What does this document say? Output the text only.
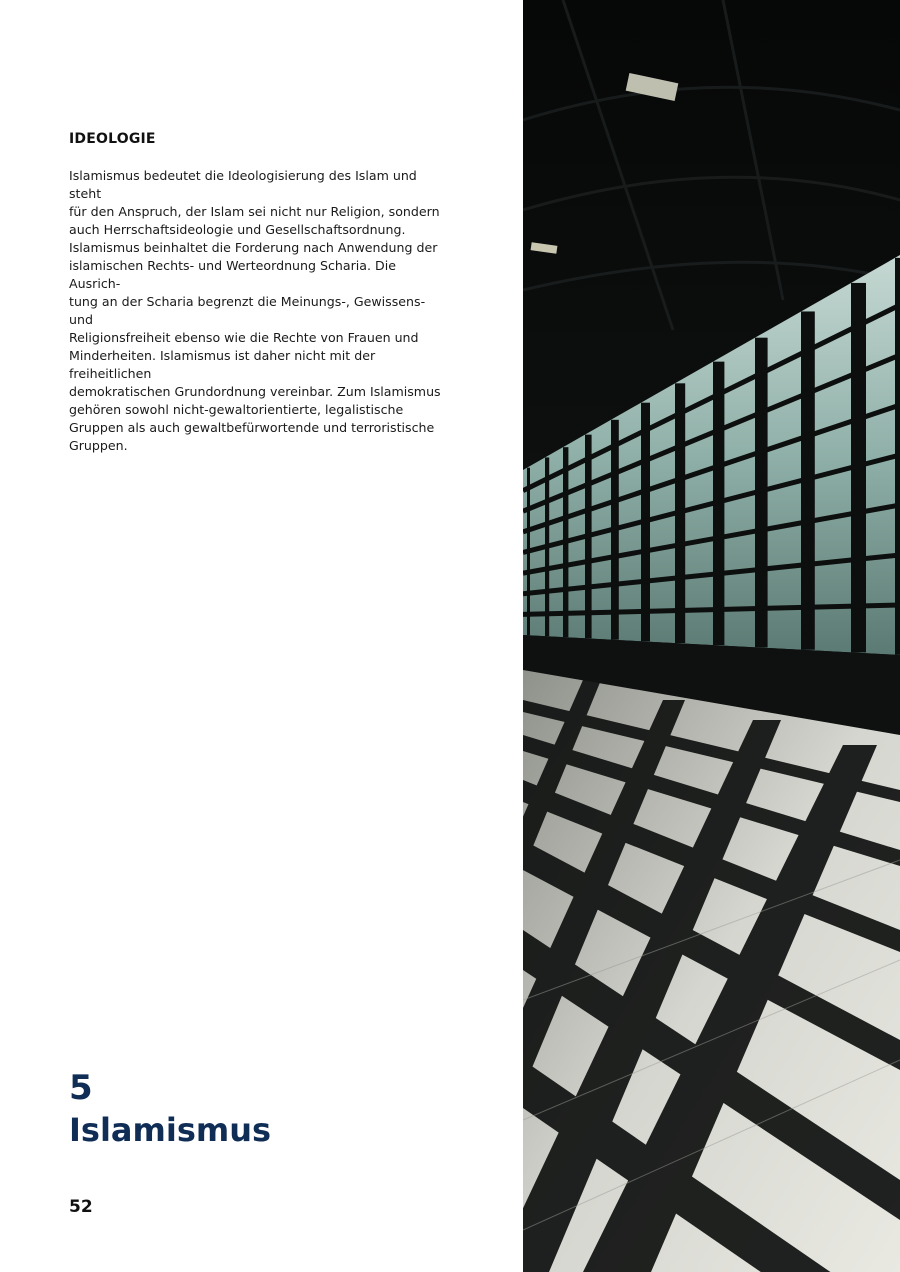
IDEOLOGIE

Islamismus bedeutet die Ideologisierung des Islam und steht
für den Anspruch, der Islam sei nicht nur Religion, sondern
auch Herrschaftsideologie und Gesellschaftsordnung.
Islamismus beinhaltet die Forderung nach Anwendung der
islamischen Rechts- und Werteordnung Scharia. Die Ausrich-
tung an der Scharia begrenzt die Meinungs-, Gewissens- und
Religionsfreiheit ebenso wie die Rechte von Frauen und
Minderheiten. Islamismus ist daher nicht mit der freiheitlichen
demokratischen Grundordnung vereinbar. Zum Islamismus
gehören sowohl nicht-gewaltorientierte, legalistische
Gruppen als auch gewaltbefürwortende und terroristische
Gruppen.

5
Islamismus
52
